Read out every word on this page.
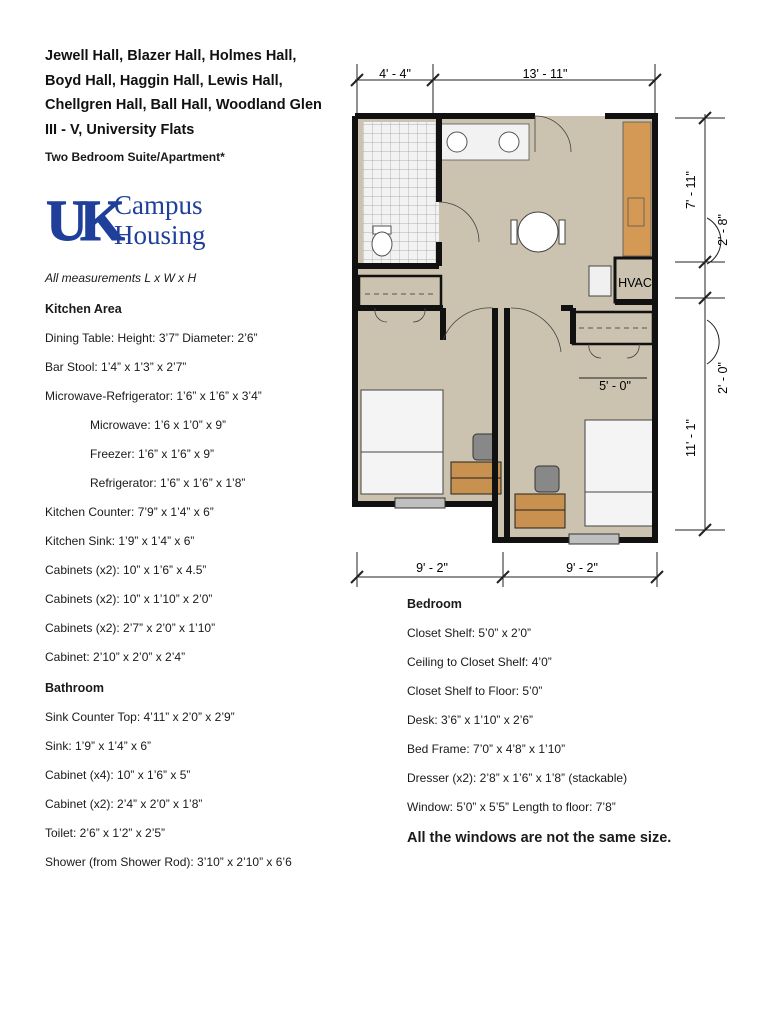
Jewell Hall, Blazer Hall, Holmes Hall,
Boyd Hall, Haggin Hall, Lewis Hall,
Chellgren Hall, Ball Hall, Woodland Glen
III - V, University Flats
Two Bedroom Suite/Apartment*
UK
Campus
Housing
All measurements L x W x H
Kitchen Area
Dining Table: Height: 3’7” Diameter: 2’6”
Bar Stool: 1’4” x 1’3” x 2’7”
Microwave-Refrigerator: 1’6” x 1’6” x 3’4”
Microwave: 1’6 x 1’0” x 9”
Freezer: 1’6” x 1’6” x 9”
Refrigerator: 1’6” x 1’6” x 1’8”
Kitchen Counter: 7’9” x 1’4” x 6”
Kitchen Sink: 1’9” x 1’4” x 6”
Cabinets (x2): 10” x 1’6” x 4.5”
Cabinets (x2): 10” x 1’10” x 2’0”
Cabinets (x2): 2’7” x 2’0” x 1’10”
Cabinet: 2’10” x 2’0” x 2’4”
Bathroom
Sink Counter Top: 4’11” x 2’0” x 2’9”
Sink: 1’9” x 1’4” x 6”
Cabinet (x4): 10” x 1’6” x 5”
Cabinet (x2): 2’4” x 2’0” x 1’8”
Toilet: 2’6” x 1’2” x 2’5”
Shower (from Shower Rod): 3’10” x 2’10” x 6’6
Bedroom
Closet Shelf: 5’0” x 2’0”
Ceiling to Closet Shelf: 4’0”
Closet Shelf to Floor: 5’0”
Desk: 3’6” x 1’10” x 2’6”
Bed Frame: 7’0” x 4’8” x 1’10”
Dresser (x2): 2’8” x 1’6” x 1’8” (stackable)
Window: 5’0” x 5’5” Length to floor: 7’8”
All the windows are not the same size.
4' - 4"	13' - 11"
7' - 11"
2' - 8"
2' - 0"
11' - 1"
9' - 2"	9' - 2"
HVAC
5' - 0"
